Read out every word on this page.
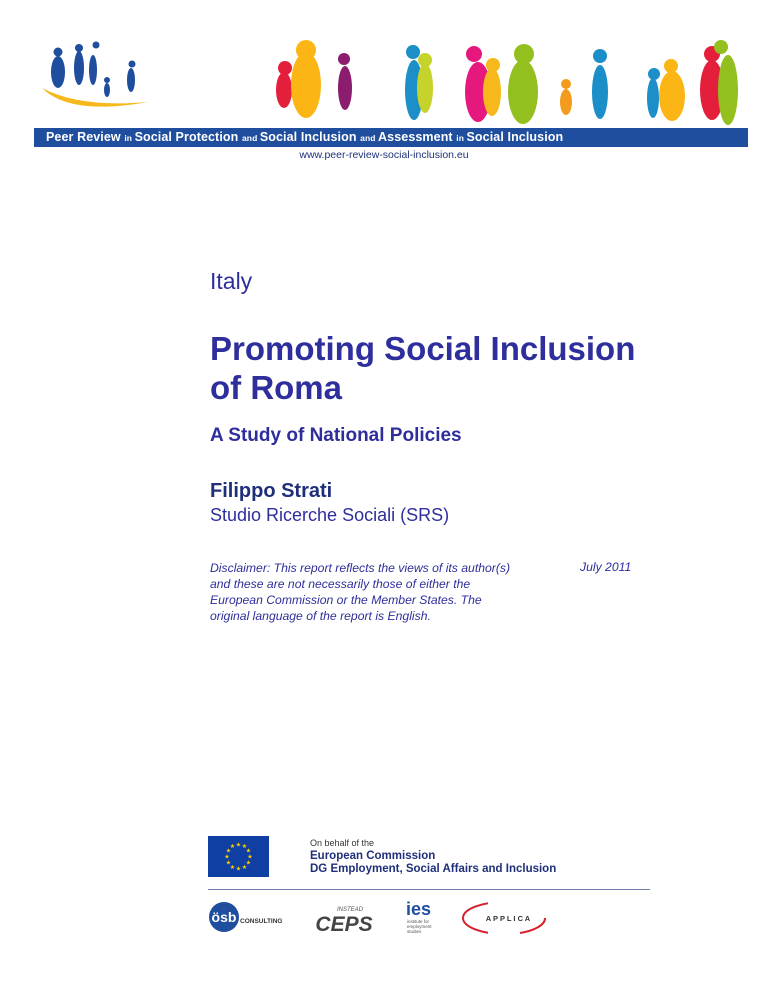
Peer Review in Social Protection and Social Inclusion and Assessment in Social Inclusion
www.peer-review-social-inclusion.eu
Italy
Promoting Social Inclusion
of Roma
A Study of National Policies
Filippo Strati
Studio Ricerche Sociali (SRS)
Disclaimer: This report reflects the views of its author(s) and these are not necessarily those of either the European Commission or the Member States. The original language of the report is English.
July 2011
★ ★
★
★
★
★
★
★
★
★
★
★	On behalf of the
European Commission
DG Employment, Social Affairs and Inclusion
ösb CONSULTING
INSTEAD
CEPS
ies
institute for
employment
studies
A P P L I C A
